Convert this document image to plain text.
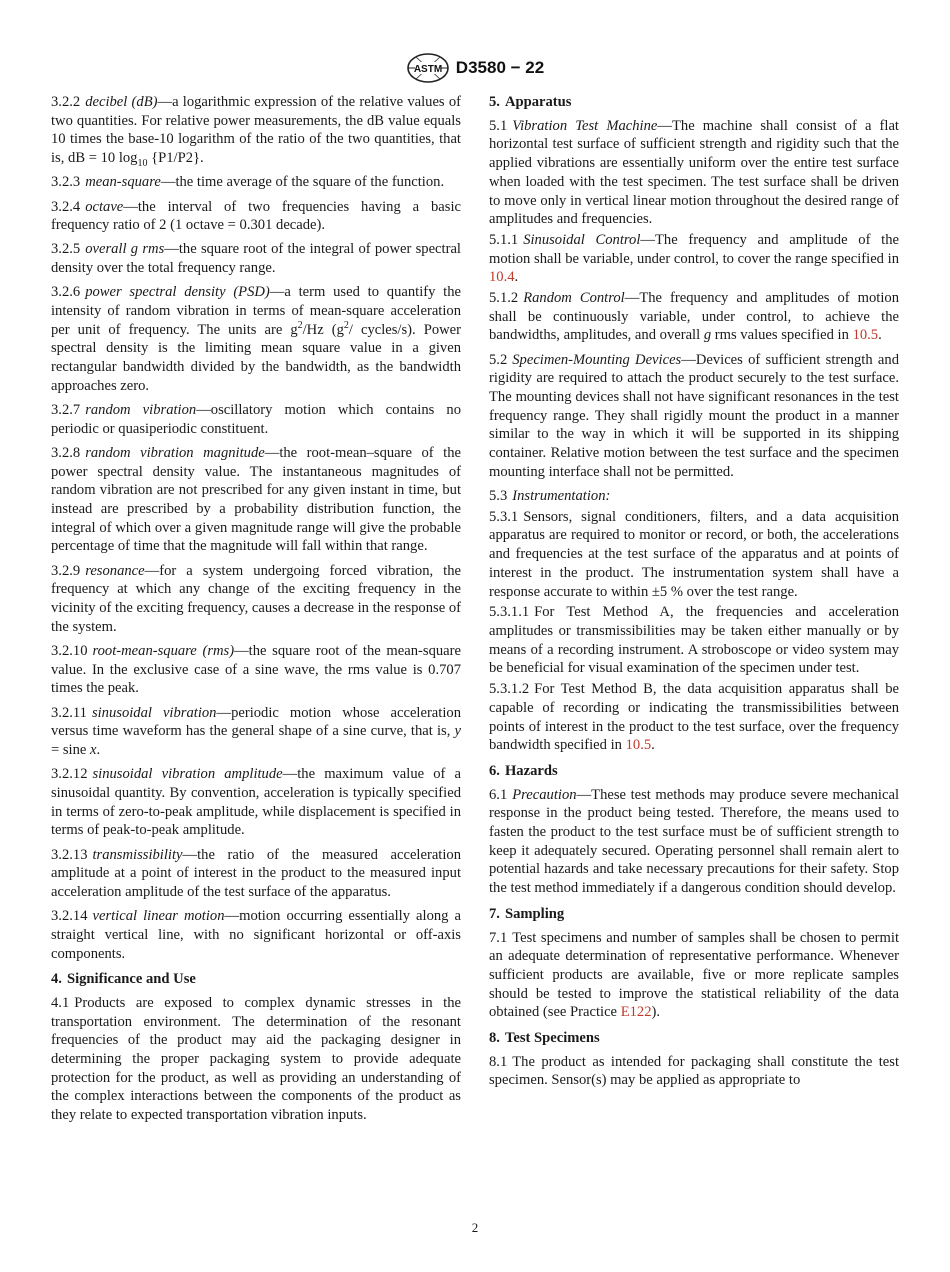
ASTM D3580 − 22

3.2.2 decibel (dB)—a logarithmic expression of the relative values of two quantities. For relative power measurements, the dB value equals 10 times the base-10 logarithm of the ratio of the two quantities, that is, dB = 10 $\log_{10} \{P1/P2\}$.

3.2.3 mean-square—the time average of the square of the function.

3.2.4 octave—the interval of two frequencies having a basic frequency ratio of 2 (1 octave = 0.301 decade).

3.2.5 overall g rms—the square root of the integral of power spectral density over the total frequency range.

3.2.6 power spectral density (PSD)—a term used to quantify the intensity of random vibration in terms of mean-square acceleration per unit of frequency. The units are $g^2/Hz$ ($g^2/$ cycles/s). Power spectral density is the limiting mean square value in a given rectangular bandwidth divided by the bandwidth, as the bandwidth approaches zero.

3.2.7 random vibration—oscillatory motion which contains no periodic or quasiperiodic constituent.

3.2.8 random vibration magnitude—the root-mean–square of the power spectral density value. The instantaneous magnitudes of random vibration are not prescribed for any given instant in time, but instead are prescribed by a probability distribution function, the integral of which over a given magnitude range will give the probable percentage of time that the magnitude will fall within that range.

3.2.9 resonance—for a system undergoing forced vibration, the frequency at which any change of the exciting frequency in the vicinity of the exciting frequency, causes a decrease in the response of the system.

3.2.10 root-mean-square (rms)—the square root of the mean-square value. In the exclusive case of a sine wave, the rms value is 0.707 times the peak.

3.2.11 sinusoidal vibration—periodic motion whose acceleration versus time waveform has the general shape of a sine curve, that is, y = sine x.

3.2.12 sinusoidal vibration amplitude—the maximum value of a sinusoidal quantity. By convention, acceleration is typically specified in terms of zero-to-peak amplitude, while displacement is specified in terms of peak-to-peak amplitude.

3.2.13 transmissibility—the ratio of the measured acceleration amplitude at a point of interest in the product to the measured input acceleration amplitude of the test surface of the apparatus.

3.2.14 vertical linear motion—motion occurring essentially along a straight vertical line, with no significant horizontal or off-axis components.

4. Significance and Use

4.1 Products are exposed to complex dynamic stresses in the transportation environment. The determination of the resonant frequencies of the product may aid the packaging designer in determining the proper packaging system to provide adequate protection for the product, as well as providing an understanding of the complex interactions between the components of the product as they relate to expected transportation vibration inputs.

5. Apparatus

5.1 Vibration Test Machine—The machine shall consist of a flat horizontal test surface of sufficient strength and rigidity such that the applied vibrations are essentially uniform over the entire test surface when loaded with the test specimen. The test surface shall be driven to move only in vertical linear motion throughout the desired range of amplitudes and frequencies.

5.1.1 Sinusoidal Control—The frequency and amplitude of the motion shall be variable, under control, to cover the range specified in 10.4.

5.1.2 Random Control—The frequency and amplitudes of motion shall be continuously variable, under control, to achieve the bandwidths, amplitudes, and overall g rms values specified in 10.5.

5.2 Specimen-Mounting Devices—Devices of sufficient strength and rigidity are required to attach the product securely to the test surface. The mounting devices shall not have significant resonances in the test frequency range. They shall rigidly mount the product in a manner similar to the way in which it will be supported in its shipping container. Relative motion between the test surface and the specimen mounting interface shall not be permitted.

5.3 Instrumentation:

5.3.1 Sensors, signal conditioners, filters, and a data acquisition apparatus are required to monitor or record, or both, the accelerations and frequencies at the test surface of the apparatus and at points of interest in the product. The instrumentation system shall have a response accurate to within ±5 % over the test range.

5.3.1.1 For Test Method A, the frequencies and acceleration amplitudes or transmissibilities may be taken either manually or by means of a recording instrument. A stroboscope or video system may be beneficial for visual examination of the specimen under test.

5.3.1.2 For Test Method B, the data acquisition apparatus shall be capable of recording or indicating the transmissibilities between points of interest in the product to the test surface, over the frequency bandwidth specified in 10.5.

6. Hazards

6.1 Precaution—These test methods may produce severe mechanical response in the product being tested. Therefore, the means used to fasten the product to the test surface must be of sufficient strength to keep it adequately secured. Operating personnel shall remain alert to potential hazards and take necessary precautions for their safety. Stop the test method immediately if a dangerous condition should develop.

7. Sampling

7.1 Test specimens and number of samples shall be chosen to permit an adequate determination of representative performance. Whenever sufficient products are available, five or more replicate samples should be tested to improve the statistical reliability of the data obtained (see Practice E122).

8. Test Specimens

8.1 The product as intended for packaging shall constitute the test specimen. Sensor(s) may be applied as appropriate to

2
